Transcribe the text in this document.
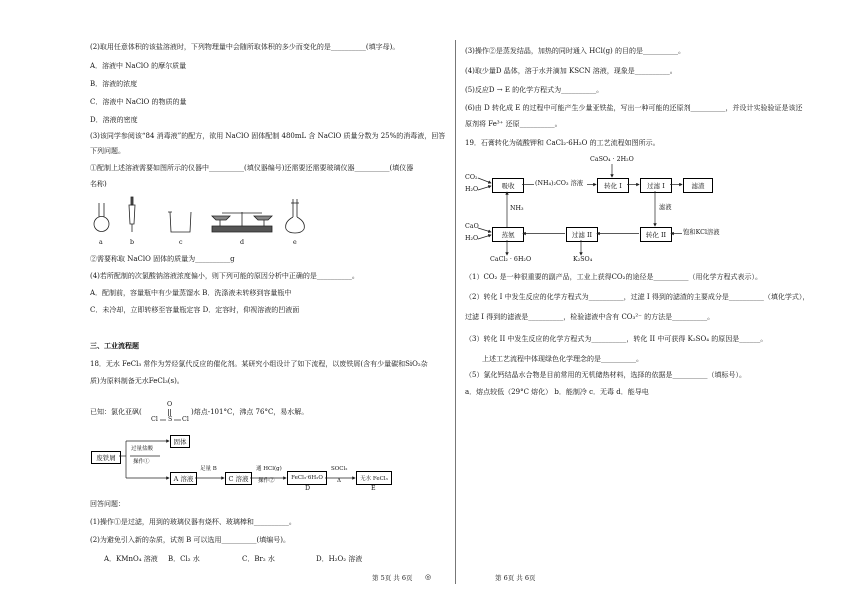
(2)取用任意体积的该盐溶液时，下列物理量中会随所取体积的多少而变化的是__________(填字母)。
A．溶液中 NaClO 的摩尔质量
B．溶液的浓度
C．溶液中 NaClO 的物质的量
D．溶液的密度
(3)该同学参阅该“84 消毒液”的配方，欲用 NaClO 固体配制 480mL 含 NaClO 质量分数为 25%的消毒液，回答
下列问题。
①配制上述溶液需要如图所示的仪器中__________(填仪器编号)还需要还需要玻璃仪器__________(填仪器
名称)
a	b	c	d	e
②需要称取 NaClO 固体的质量为__________g
(4)若所配制的次氯酸钠溶液浓度偏小，则下列可能的原因分析中正确的是__________。
A．配制前，容量瓶中有少量蒸馏水 B．洗涤液未转移到容量瓶中
C．未冷却，立即转移至容量瓶定容 D．定容时，仰视溶液的凹液面
三、工业流程题
18．无水 FeCl₃ 常作为芳烃氯代反应的催化剂。某研究小组设计了如下流程，以废铁屑(含有少量碳和SiO₂杂
质)为原料制备无水FeCl₃(s)。
已知：氯化亚砜(
O
Cl S Cl
)熔点-101°C，沸点 76°C，易水解。
废铁屑
过量盐酸
操作①
固体
A 溶液
足量 B
C 溶液
通 HCl(g)
操作②	FeCl₃·6H₂O
D
SOCl₂
Δ	无水 FeCl₃
E
回答问题：
(1)操作①是过滤，用到的玻璃仪器有烧杯、玻璃棒和__________。
(2)为避免引入新的杂质，试剂 B 可以选用__________(填编号)。
A．KMnO₄ 溶液 B．Cl₂ 水	C．Br₂ 水	D．H₂O₂ 溶液
(3)操作②是蒸发结晶，加热的同时通入 HCl(g) 的目的是__________。
(4)取少量D 晶体，溶于水并滴加 KSCN 溶液，现象是__________。
(5)反应D → E 的化学方程式为__________。
(6)由 D 转化成 E 的过程中可能产生少量亚铁盐，写出一种可能的还原剂__________，并设计实验验证是该还
原剂将 Fe³⁺ 还原__________。
19．石膏转化为硫酸钾和 CaCl₂·6H₂O 的工艺流程如图所示。
CaSO₄ · 2H₂O
CO₂
H₂O	吸收	(NH₄)₂CO₃ 溶液	转化 I	过滤 I	滤渣
NH₃	滤液
CaO
H₂O	蒸氨	过滤 II	转化 II	饱和KCl溶液
CaCl₂ · 6H₂O	K₂SO₄
（1）CO₂ 是一种很重要的副产品，工业上获得CO₂的途径是__________（用化学方程式表示）。
（2）转化 I 中发生反应的化学方程式为__________，过滤 I 得到的滤渣的主要成分是__________（填化学式），
过滤 I 得到的滤液是__________，检验滤液中含有 CO₃²⁻ 的方法是__________。
（3）转化 II 中发生反应的化学方程式为__________，转化 II 中可获得 K₂SO₄ 的原因是______。
上述工艺流程中体现绿色化学理念的是__________。
（5）氯化钙结晶水合物是目前常用的无机储热材料，选择的依据是__________（填标号）。
a．熔点较低（29°C 熔化） b．能制冷 c．无毒 d．能导电
第 5页 共 6页 ◎	第 6页 共 6页
